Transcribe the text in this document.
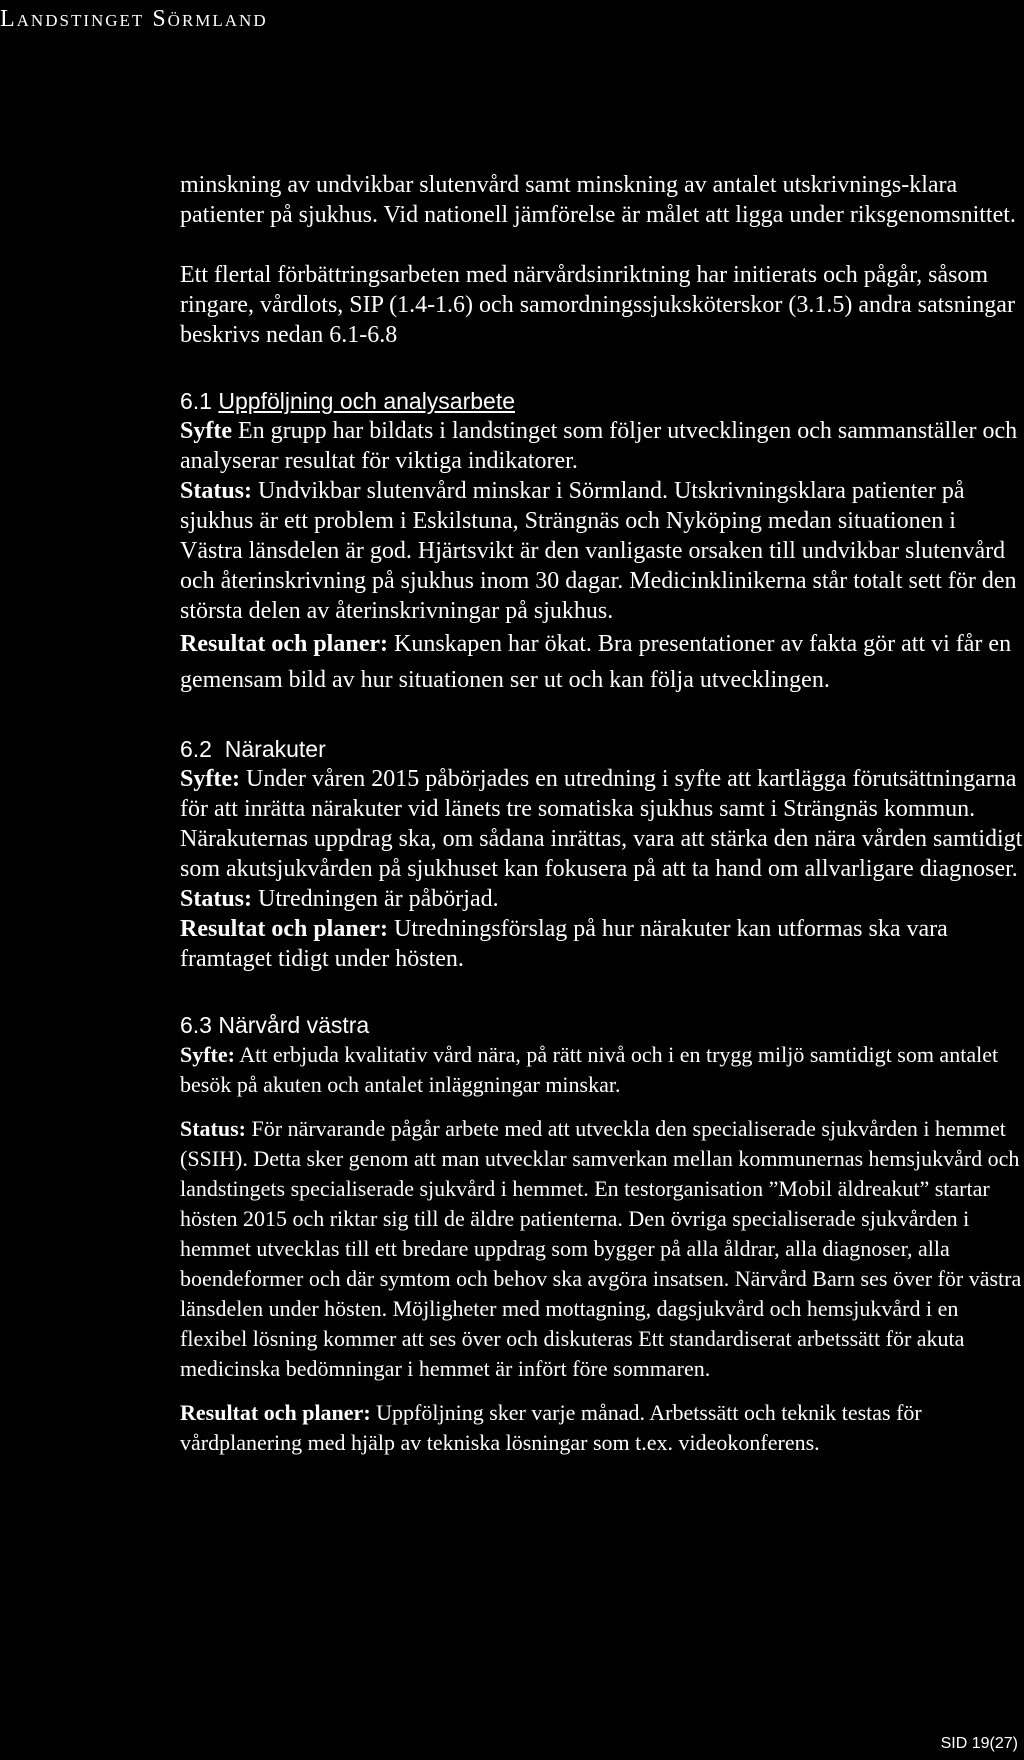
Landstinget Sörmland

minskning av undvikbar slutenvård samt minskning av antalet utskrivnings-klara patienter på sjukhus. Vid nationell jämförelse är målet att ligga under riksgenomsnittet.

Ett flertal förbättringsarbeten med närvårdsinriktning har initierats och pågår, såsom ringare, vårdlots, SIP (1.4-1.6) och samordningssjuksköterskor (3.1.5) andra satsningar beskrivs nedan 6.1-6.8

6.1 Uppföljning och analysarbete

Syfte En grupp har bildats i landstinget som följer utvecklingen och sammanställer och analyserar resultat för viktiga indikatorer.

Status: Undvikbar slutenvård minskar i Sörmland. Utskrivningsklara patienter på sjukhus är ett problem i Eskilstuna, Strängnäs och Nyköping medan situationen i Västra länsdelen är god. Hjärtsvikt är den vanligaste orsaken till undvikbar slutenvård och återinskrivning på sjukhus inom 30 dagar. Medicinklinikerna står totalt sett för den största delen av återinskrivningar på sjukhus.

Resultat och planer: Kunskapen har ökat. Bra presentationer av fakta gör att vi får en gemensam bild av hur situationen ser ut och kan följa utvecklingen.

6.2 Närakuter

Syfte: Under våren 2015 påbörjades en utredning i syfte att kartlägga förutsättningarna för att inrätta närakuter vid länets tre somatiska sjukhus samt i Strängnäs kommun. Närakuternas uppdrag ska, om sådana inrättas, vara att stärka den nära vården samtidigt som akutsjukvården på sjukhuset kan fokusera på att ta hand om allvarligare diagnoser.

Status: Utredningen är påbörjad.

Resultat och planer: Utredningsförslag på hur närakuter kan utformas ska vara framtaget tidigt under hösten.

6.3 Närvård västra

Syfte: Att erbjuda kvalitativ vård nära, på rätt nivå och i en trygg miljö samtidigt som antalet besök på akuten och antalet inläggningar minskar.

Status: För närvarande pågår arbete med att utveckla den specialiserade sjukvården i hemmet (SSIH). Detta sker genom att man utvecklar samverkan mellan kommunernas hemsjukvård och landstingets specialiserade sjukvård i hemmet. En testorganisation ”Mobil äldreakut” startar hösten 2015 och riktar sig till de äldre patienterna. Den övriga specialiserade sjukvården i hemmet utvecklas till ett bredare uppdrag som bygger på alla åldrar, alla diagnoser, alla boendeformer och där symtom och behov ska avgöra insatsen. Närvård Barn ses över för västra länsdelen under hösten. Möjligheter med mottagning, dagsjukvård och hemsjukvård i en flexibel lösning kommer att ses över och diskuteras Ett standardiserat arbetssätt för akuta medicinska bedömningar i hemmet är infört före sommaren.

Resultat och planer: Uppföljning sker varje månad. Arbetssätt och teknik testas för vårdplanering med hjälp av tekniska lösningar som t.ex. videokonferens.

SID 19(27)
